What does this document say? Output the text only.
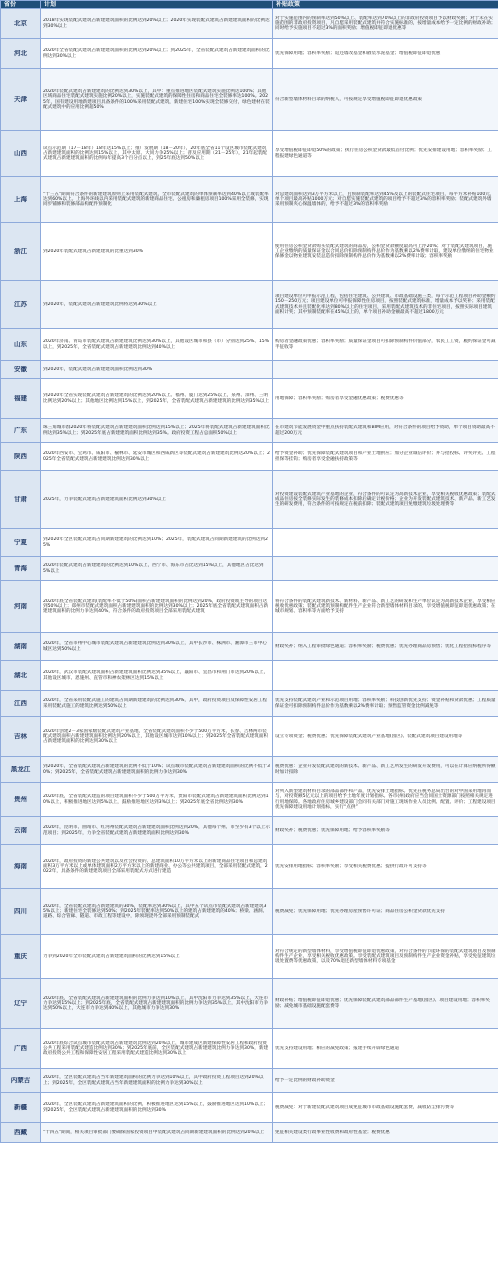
省份	计划	补贴政策

北京	2018年实现装配式建筑占新建建筑面积的比例达到20%以上；2020年实现装配式建筑占新建建筑面积的比例达到30%以上	对于实施范围内的预制率达到50%以上、装配率达到70%以上的非政府投资项目予以财政奖励；对于未在实施范围的非政府投资项目，凡自愿采用装配式建筑并符合实施标准的，按增量成本给予一定比例的财政补助；同时给予实施项目不超过3%的面积奖励；增值税即征即退优惠等

河北	2020年全省装配式建筑占新建建筑面积的比例达到20%以上；到2025年，全省装配式建筑占新建建筑面积的比例达到30%以上	优先保障用地；容积率奖励；返还墙改基金和散装水泥基金；增值税即征即退优惠

天津	2020年装配式建筑占新建建筑的比例达到30%以上，其中：重点推进地区装配式建筑实施比例达100%；其他区域商品住宅装配式建筑实施比例20%以上，实施装配式建筑的保障性住房和商品住宅全装修率达100%。2025年，国有建设用地新建项目具备条件的100%采用装配式建筑，新建住宅100%实现全装修交付，绿色建材在装配式建筑中的应用比例超50%	符合新型墙体材料目录的纳税人，可按规定享受增值税即征即退优惠政策

山西	试点示范期（17－18年）18年达15%以上；推广发展期（18－20年），20年底全省11个设区城市装配式建筑占新建建筑面积的比例达到15%以上，其中太原、大同力争25%以上；普及应用期（21－25年），21年起装配式建筑占新建建筑面积的比例每年提高3个百分点以上，到25年底达到50%以上	享受增值税即征即退50%的政策；执行住房公积金贷款最低首付比例；优先安排建设用地；容积率奖励；工程报建绿色通道等

上海	"十三五"期间符合条件的新建建筑原则上采用装配式建筑，全市装配式建筑的单体预制率达到40%以上或装配率达到60%以上。上海外环线以内采用装配式建筑的新建商品住宅、公租房和廉租房项目100%采用全装修，实现同步铺修和装修部品构配件预制化	对总建筑面积达到3万平方米以上，且预制装配率达到45%及以上的装配式住宅项目，每平方米补贴100元，单个项目最高补贴1000万元；对自愿实施装配式建筑的项目给予不超过3%的容积率奖励；装配式建筑外墙采用预制夹心保温墙体的，给予不超过3%的容积率奖励

浙江	到2020年装配式建筑占新建建筑的比重达到30%	使用住房公积金贷款购买装配式建筑的商品房，公积金贷款额度最高可上浮20%；对于装配式建筑项目，施工企业缴纳的质量保证金以合同总价扣除预制构件总价作为基数乘以2%费率计取，建设单位缴纳的住宅物业保修金以物业建筑安装总造价扣除预制构件总价作为基数乘以2%费率计取；容积率奖励

江苏	到2020年，装配式建筑占新建建筑比例将达到30%以上	项目建设单位可申报示范工程，包括住宅建筑、公共建筑、市政基础设施三类，每个示范工程项目补助金额约150－250万元；项目建设单位可申报保障性住房项目，按照装配式建筑标准，增量成本予以奖补；采用装配式建筑技术并且装配化率达到80%以上的住宅项目，采用装配式建筑技术的非住宅项目，按照实际项目建筑面积计奖；其中预制装配率在45%以上的，单个项目补助金额最高不超过1800万元

山东	2020年济南、青岛市装配式建筑占新建建筑比例达到30%以上，其他设区城市和县（市）分别达到25%、15%以上，到2025年，全省装配式建筑占新建建筑比例达到40%以上	购房者金融政策优惠；容积率奖励；质量保证金项目可扣除预制构件价值部分，农民工工资，履约保证金可减半征收等

安徽	到2020年，装配式建筑占新建建筑面积比例达到30%	

福建	到2020年全省实现装配式建筑占新建建筑的比例达到20%以上。福州、厦门达到25%以上，泉州、漳州、三明比例达到20%以上；其他地区比例达到15%以上，到2025年，全省装配式建筑占新建建筑的比例达到35%以上	用地保障；容积率奖励；购房者享受金融优惠政策；税费优惠等

广东	珠三角城市群2020年将装配式建筑占新建建筑面积比例达到15%以上；2025年将装配式建筑占新建建筑面积比例达到35%以上；到2025年底占新建建筑面积比例达到35%。政府投资工程占总面积50%以上	在市建筑节能发展资金中重点扶持装配式建筑和BIM应用，对符合条件的项目给予资助，单个项目资助最高不超过200万元

陕西	2020年西安市、宝鸡市、咸阳市、榆林市、延安市城区和西咸新区等装配式建筑占新建建筑比例达20%以上；2025年全省装配式建筑占新建建筑比例达到30%以上	给予资金补助；优先保障装配式建筑项目和产业土地供应；加分企业诚信评价；并与招投标、评奖评先、工程担保等挂钩；购房者享受金融扶持政策等

甘肃	2025年，力争装配式建筑占新建建筑面积比例达到30%以上	对投资建设装配式建筑产业基地的企业，符合条件的可认定为高新技术企业，享受相关税收优惠政策；装配式成品住房按全装修实际发生的装修成本扣除后确定计税价格；企业为开发装配式建筑技术、新产品、新工艺发生的研发费用，符合条件的可按规定在税前扣除；装配式建筑项目免缴建筑垃圾处理费等

宁夏	到2020年全区装配式建筑占同期新建建筑的比例达到10%；2025年，装配式建筑占同期新建建筑的比例达到25%	

青海	2020年装配式建筑占新建建筑的比例达到10%以上，西宁市、海东市占比达到15%以上，其他地区占比达到5%以上	

河南	2020年底全省装配式建筑(装配率不低于50%)面积占新建建筑面积的比例达到20%，政府投资或主导的项目达到50%以上；郑州市装配式建筑面积占新建建筑面积的比例达到30%以上；2025年底全省装配式建筑面积占新建建筑面积的比例力争达到40%，符合条件的政府投资项目全部采用装配式建筑	将符合条件的装配式建筑新技术、新材料、新产品、新工艺的研发和生产单位认定为高新技术企业，享受相应税收优惠政策；装配式建筑预制构配件生产企业符合新型墙体材料目录的，享受增值税即征即退优惠政策；在城市规划、容积率等方面给予支持

湖南	2020年，全省市州中心城市装配式建筑占新建建筑比例达到30%以上，其中长沙市、株洲市、湘潭市三市中心城区达到50%以上	财政奖补；纳入工程审批绿色通道；容积率奖励；税费优惠；优先办理商品房预售；优化工程招投标程序等

湖北	2020年，武汉市装配式建筑面积占新建建筑面积比例达到35%以上，襄阳市、宜昌市和荆门市达到20%以上，其他设区城市、恩施州、直管市和神农架林区达到15%以上	

江西	2020年，全省采用装配式施工的建筑占同期新建建筑的比例达到30%，其中，政府投资项目及保障性安居工程采用装配式施工的建筑比例达到50%以上	优先支持装配式建筑产业和示范项目用地；容积率奖励；科技创新优先支持；资金补贴和贷款优惠；工程质量保证金可扣除预制构件总价作为基数乘以2%费率计取；预售监管资金比例减免等

吉林	2020年创建2－3家国家级装配式建筑产业基地，全省装配式建筑面积不少于500万平方米，长春、吉林两市装配式建筑面积占新建建筑面积比例达到20%以上，其他设区城市达到10%以上；到2025年全省装配式建筑面积占新建建筑面积的比例达到30%以上	设立专项资金；税费优惠；优先保障装配式建筑产业基地(园区)、装配式建筑项目建设用地等

黑龙江	到2020年，全省装配式建筑占新建建筑的比例不低于10%；试点城市装配式建筑占新建建筑面积的比例不低于30%；到2025年，全省装配式建筑占新建建筑面积的比例力争达到30%	税费优惠：企业开发装配式建筑的新技术、新产品、新工艺所发生的研发开发费用，可以在计算应纳税所得额时加计扣除

贵州	2020年底，全省装配式建造的项目建筑面积不少于500万平方米，贵阳市装配式建筑占新建建筑面积比例达到10%以上，积极推进地区达到5%以上，鼓励推进地区达到3%以上；到2025年底全省比例达到30%	对列入新型建筑材料目录的部品部件和产品，优先安排土地指标。优先在税务总局出台的对中国采用地再而与，对投资额5亿元以上的项目给予土地年度计划指标。各市(州)政府应当会同国土资源部门按照相关规定进行用地保障。各地政府住房城乡建设部门会同有关部门对施工现场作业人员比例、配置、评价；工程建设项目优先保障建设用地计划指标，实行“点供”

云南	2020年，昆明市、曲靖市、红河州装配式建筑占新建建筑面积比例达到20%，其他每个州、市至少有3个以上示范项目；到2025年，力争全省装配式建筑占新建建筑面积比例达到30%	财政奖补；税费优惠；优先保障用地；给予容积率奖励等

海南	2020年，政府投资的新建公共建筑以及社会投资的、总建筑面积10万平方米以上的新建商品住宅项目和总建筑面积3万平方米以上或单体建筑面积2万平方米以上的新建商业、办公等公共建筑项目，全部采用装配式建筑，2022年，具备条件的新建建筑项目全部采用装配式方式进行建造	优先安排用地指标；容积率奖励；享受相关税费优惠；提供行政许可支持等

四川	2020年，全省装配式建筑占新建建筑的30%，装配率达到30%以上，其中五个试点市装配式建筑占新建建筑35%以上；新建住宅全装修达到50%；到2025年装配率达到50%以上的建筑占新建建筑的40%；桥梁、涵洞、道路、综合管廊、隧道、市政工程等建设中，除须现浇外全部采用预制装配式	税费减免；优先保障用地；优先办理房屋预售许可证；商品住房公积金贷款优先支持

重庆	力争到2020年全市装配式建筑占新建建筑面积的比例达到15%以上	对符合规定的新型墙体材料，享受增值税即征即退优惠政策，对符合条件的节能环保的装配式建筑项目及预制构件生产企业，享受相关税收优惠政策。享受装配式建筑项目及预制构件生产企业资金补贴，享受免征建筑垃圾处置费等优惠政策，以及70%退还新型墙体材料专项基金

辽宁	2020年底，全省装配式建筑占新建建筑面积的比例力争达到10%以上，其中沈阳市力争达到35%以上，大连市力争达到15%以上；到2025年底，全省装配式建筑占新建建筑面积的比例力争达到35%以上，其中沈阳市力争达到50%以上，大连市力争达到40%以上，其他城市力争达到30%	财政补贴；增值税即征即退优惠；优先保障装配式建筑部品部件生产基地(园区)、项目建设用地；容积率奖励；减免城市基础设施配套费等

广西	2020年底综合试点城市装配式建筑占新建建筑比例达到20%以上，城市建成区新建保障性安居工程和政府投资公共工程采用装配式建造比例达到30%；到2025年底前，全区装配式建筑占新建建筑比例力争达到30%，新建政府投资公共工程和保障性安居工程采用装配式建造比例达到30%以上	优先支持建设用地；相应的减免政策；报建手续开辟绿色通道

内蒙古	2020年，全区装配式建筑占当年新建建筑面积的比例力争达到10%以上，其中政府投资工程项目达到20%以上；到2025年，全区装配式建筑占当年新建建筑面积的比例力争达到30%以上	给予一定比例的财政补助资金

新疆	2020年，全区装配式建筑占新建建筑面积的比例，积极推进地区达到15%以上，鼓励推进地区达到10%以上；到2025年，全区装配式建筑占新建建筑面积的比例达到30%	税费减免：对于新建装配式建筑项目成免征城市市政基础设施配套费，减收防尘排污费等

西藏	"十四五"期间，相关项目审批部门要确保国家投资项目中装配式建筑占同期新建建筑面积的比例达到20%以上	免征相关建设类行政事业性收费和政府性基金；税费优惠
